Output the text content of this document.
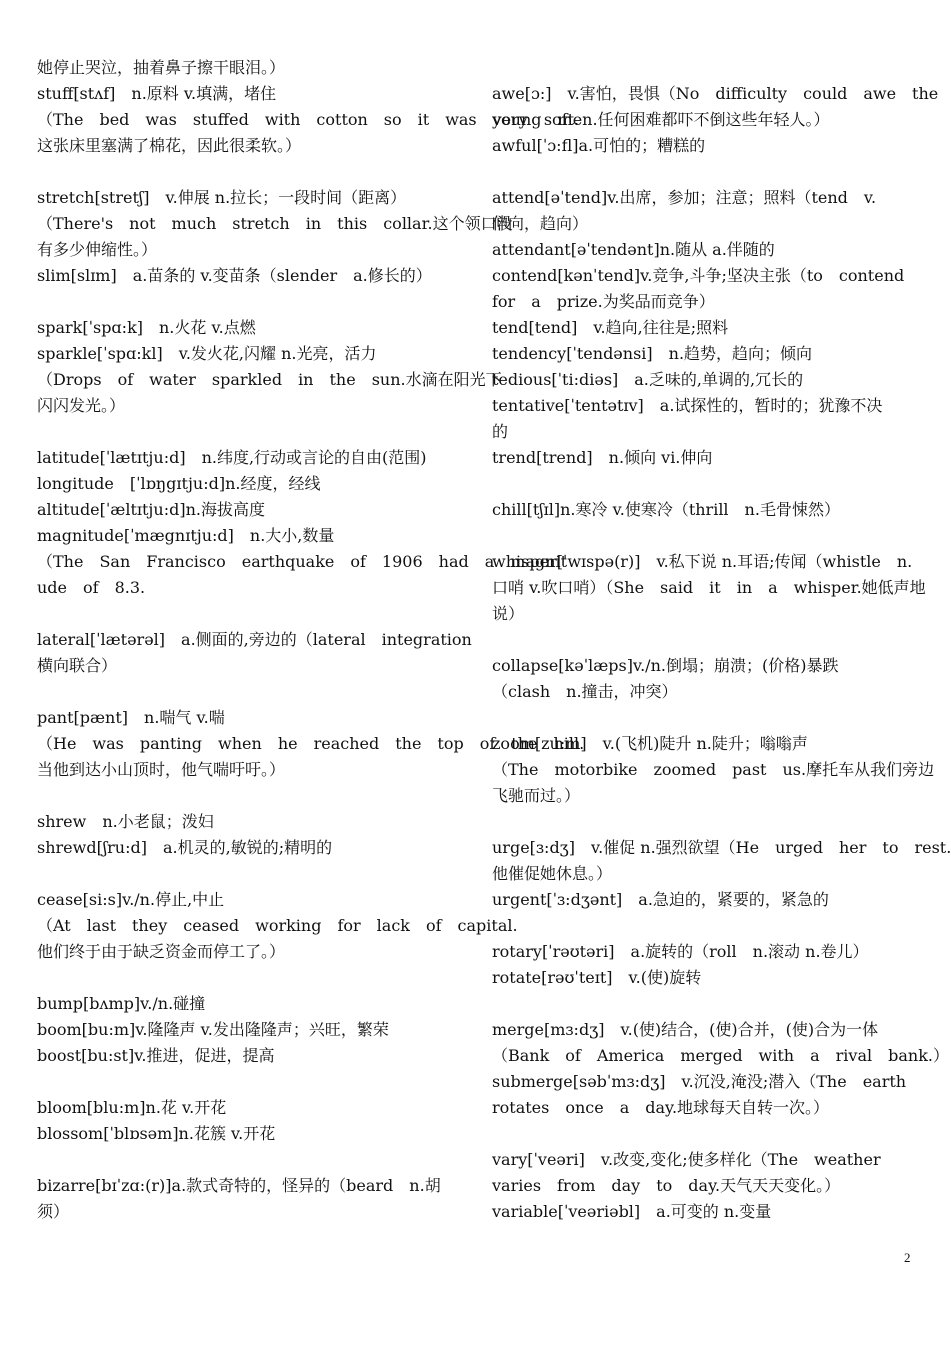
她停止哭泣，抽着鼻子擦干眼泪。）
stuff[stʌf]　n.原料 v.填满，堵住
（The　bed　was　stuffed　with　cotton　so　it　was　very　soft.
这张床里塞满了棉花，因此很柔软。）
stretch[stretʃ]　v.伸展 n.拉长；一段时间（距离）
（There's　not　much　stretch　in　this　collar.这个领口没
有多少伸缩性。）
slim[slɪm]　a.苗条的 v.变苗条（slender　a.修长的）
spark[ˈspɑ:k]　n.火花 v.点燃
sparkle[ˈspɑ:kl]　v.发火花,闪耀 n.光亮，活力
（Drops　of　water　sparkled　in　the　sun.水滴在阳光下
闪闪发光。）
latitude[ˈlætɪtju:d]　n.纬度,行动或言论的自由(范围)
longitude　[ˈlɒŋgɪtju:d]n.经度，经线
altitude[ˈæltɪtju:d]n.海拔高度
magnitude[ˈmægnɪtju:d]　n.大小,数量
（The　San　Francisco　earthquake　of　1906　had　a　magnit
ude　of　8.3.
lateral[ˈlætərəl]　a.侧面的,旁边的（lateral　integration
横向联合）
pant[pænt]　n.喘气 v.喘
（He　was　panting　when　he　reached　the　top　of　the　hill.
当他到达小山顶时，他气喘吁吁。）
shrew　n.小老鼠；泼妇
shrewd[ʃru:d]　a.机灵的,敏锐的;精明的
cease[si:s]v./n.停止,中止
（At　last　they　ceased　working　for　lack　of　capital.
他们终于由于缺乏资金而停工了。）
bump[bʌmp]v./n.碰撞
boom[bu:m]v.隆隆声 v.发出隆隆声；兴旺，繁荣
boost[bu:st]v.推进，促进，提高
bloom[blu:m]n.花 v.开花
blossom[ˈblɒsəm]n.花簇 v.开花
bizarre[bɪˈzɑ:(r)]a.款式奇特的，怪异的（beard　n.胡
须）
awe[ɔ:]　v.害怕，畏惧（No　difficulty　could　awe　the
young　men.任何困难都吓不倒这些年轻人。）
awful[ˈɔ:fl]a.可怕的；糟糕的
attend[əˈtend]v.出席，参加；注意；照料（tend　v.
伸向，趋向）
attendant[əˈtendənt]n.随从 a.伴随的
contend[kənˈtend]v.竞争,斗争;坚决主张（to　contend
for　a　prize.为奖品而竞争）
tend[tend]　v.趋向,往往是;照料
tendency[ˈtendənsi]　n.趋势，趋向；倾向
tedious[ˈti:diəs]　a.乏味的,单调的,冗长的
tentative[ˈtentətɪv]　a.试探性的，暂时的；犹豫不决
的
trend[trend]　n.倾向 vi.伸向
chill[tʃɪl]n.寒冷 v.使寒冷（thrill　n.毛骨悚然）
whisper[ˈwɪspə(r)]　v.私下说 n.耳语;传闻（whistle　n.
口哨 v.吹口哨）（She　said　it　in　a　whisper.她低声地
说）
collapse[kəˈlæps]v./n.倒塌；崩溃；(价格)暴跌
（clash　n.撞击，冲突）
zoom[zu:m]　v.(飞机)陡升 n.陡升；嗡嗡声
（The　motorbike　zoomed　past　us.摩托车从我们旁边
飞驰而过。）
urge[ɜ:dʒ]　v.催促 n.强烈欲望（He　urged　her　to　rest.
他催促她休息。）
urgent[ˈɜ:dʒənt]　a.急迫的，紧要的，紧急的
rotary[ˈrəʊtəri]　a.旋转的（roll　n.滚动 n.卷儿）
rotate[rəʊˈteɪt]　v.(使)旋转
merge[mɜ:dʒ]　v.(使)结合，(使)合并，(使)合为一体
（Bank　of　America　merged　with　a　rival　bank.）
submerge[səbˈmɜ:dʒ]　v.沉没,淹没;潜入（The　earth
rotates　once　a　day.地球每天自转一次。）
vary[ˈveəri]　v.改变,变化;使多样化（The　weather
varies　from　day　to　day.天气天天变化。）
variable[ˈveəriəbl]　a.可变的 n.变量
2
